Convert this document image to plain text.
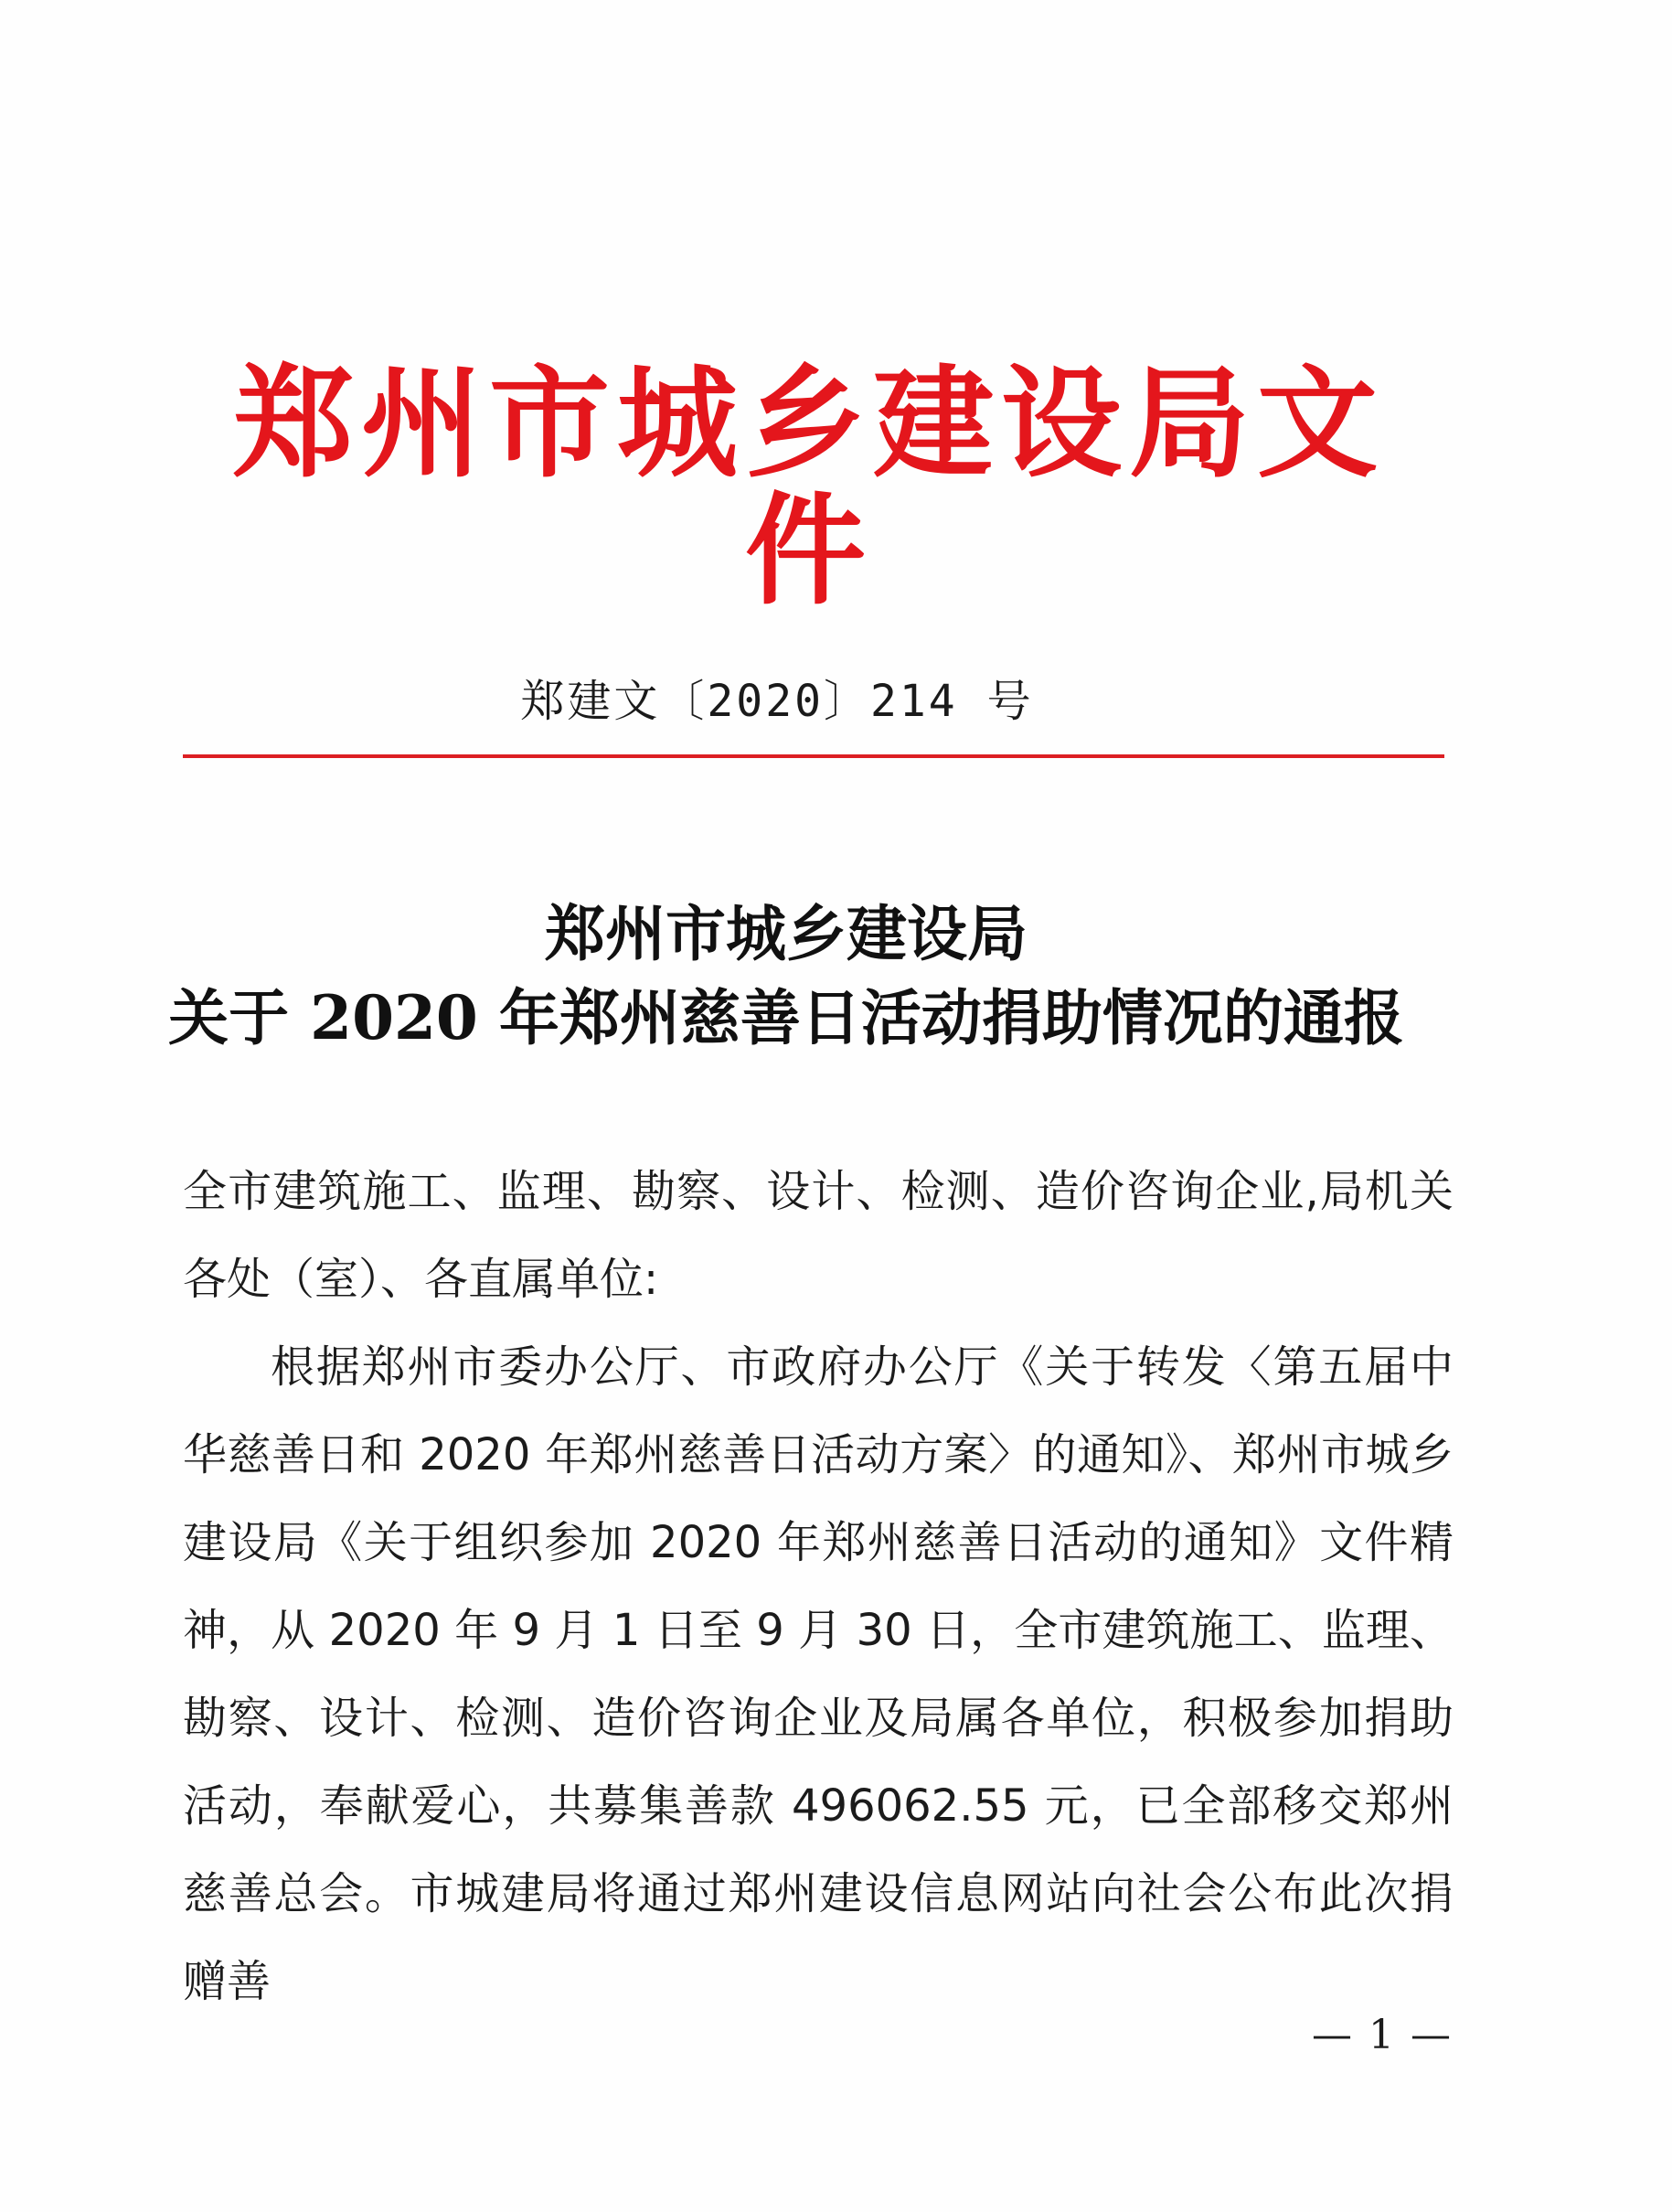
郑州市城乡建设局文件
郑建文〔2020〕214 号
郑州市城乡建设局
关于 2020 年郑州慈善日活动捐助情况的通报

全市建筑施工、监理、勘察、设计、检测、造价咨询企业,局机关各处（室）、各直属单位:

根据郑州市委办公厅、市政府办公厅《关于转发〈第五届中华慈善日和 2020 年郑州慈善日活动方案〉的通知》、郑州市城乡建设局《关于组织参加 2020 年郑州慈善日活动的通知》文件精神，从 2020 年 9 月 1 日至 9 月 30 日，全市建筑施工、监理、勘察、设计、检测、造价咨询企业及局属各单位，积极参加捐助活动，奉献爱心，共募集善款 496062.55 元，已全部移交郑州慈善总会。市城建局将通过郑州建设信息网站向社会公布此次捐赠善

— 1 —
